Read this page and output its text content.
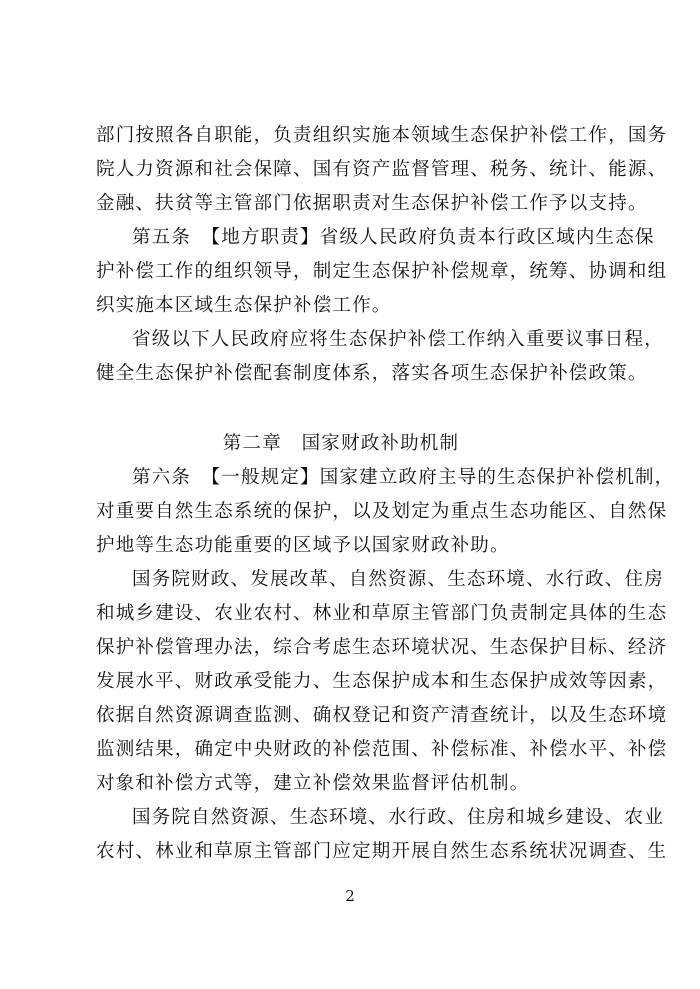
部门按照各自职能，负责组织实施本领域生态保护补偿工作，国务
院人力资源和社会保障、国有资产监督管理、税务、统计、能源、
金融、扶贫等主管部门依据职责对生态保护补偿工作予以支持。
第五条　【地方职责】省级人民政府负责本行政区域内生态保
护补偿工作的组织领导，制定生态保护补偿规章，统筹、协调和组
织实施本区域生态保护补偿工作。
省级以下人民政府应将生态保护补偿工作纳入重要议事日程，
健全生态保护补偿配套制度体系，落实各项生态保护补偿政策。
第二章　国家财政补助机制
第六条　【一般规定】国家建立政府主导的生态保护补偿机制，
对重要自然生态系统的保护，以及划定为重点生态功能区、自然保
护地等生态功能重要的区域予以国家财政补助。
国务院财政、发展改革、自然资源、生态环境、水行政、住房
和城乡建设、农业农村、林业和草原主管部门负责制定具体的生态
保护补偿管理办法，综合考虑生态环境状况、生态保护目标、经济
发展水平、财政承受能力、生态保护成本和生态保护成效等因素，
依据自然资源调查监测、确权登记和资产清查统计，以及生态环境
监测结果，确定中央财政的补偿范围、补偿标准、补偿水平、补偿
对象和补偿方式等，建立补偿效果监督评估机制。
国务院自然资源、生态环境、水行政、住房和城乡建设、农业
农村、林业和草原主管部门应定期开展自然生态系统状况调查、生
2
